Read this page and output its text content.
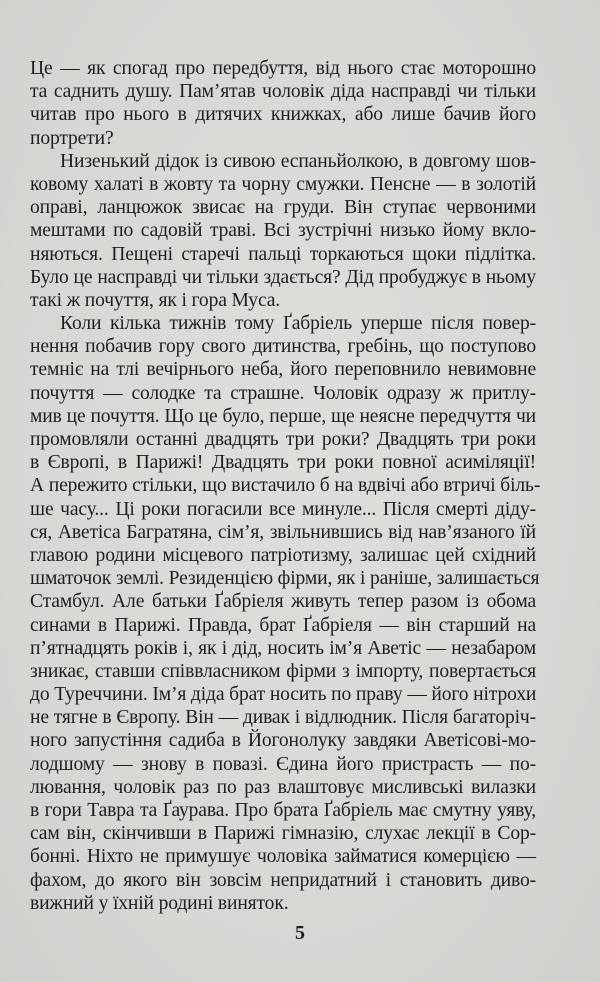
Це — як спогад про передбуття, від нього стає моторошно
та саднить душу. Пам’ятав чоловік діда насправді чи тільки
читав про нього в дитячих книжках, або лише бачив його
портрети?
Низенький дідок із сивою еспаньйолкою, в довгому шов-
ковому халаті в жовту та чорну смужки. Пенсне — в золотій
оправі, ланцюжок звисає на груди. Він ступає червоними
мештами по садовій траві. Всі зустрічні низько йому вкло-
няються. Пещені старечі пальці торкаються щоки підлітка.
Було це насправді чи тільки здається? Дід пробуджує в ньому
такі ж почуття, як і гора Муса.
Коли кілька тижнів тому Ґабріель уперше після повер-
нення побачив гору свого дитинства, гребінь, що поступово
темніє на тлі вечірнього неба, його переповнило невимовне
почуття — солодке та страшне. Чоловік одразу ж притлу-
мив це почуття. Що це було, перше, ще неясне передчуття чи
промовляли останні двадцять три роки? Двадцять три роки
в Європі, в Парижі! Двадцять три роки повної асиміляції!
А пережито стільки, що вистачило б на вдвічі або втричі біль-
ше часу... Ці роки погасили все минуле... Після смерті діду-
ся, Аветіса Багратяна, сім’я, звільнившись від нав’язаного їй
главою родини місцевого патріотизму, залишає цей східний
шматочок землі. Резиденцією фірми, як і раніше, залишається
Стамбул. Але батьки Ґабріеля живуть тепер разом із обома
синами в Парижі. Правда, брат Ґабріеля — він старший на
п’ятнадцять років і, як і дід, носить ім’я Аветіс — незабаром
зникає, ставши співвласником фірми з імпорту, повертається
до Туреччини. Ім’я діда брат носить по праву — його нітрохи
не тягне в Європу. Він — дивак і відлюдник. Після багаторіч-
ного запустіння садиба в Йогонолуку завдяки Аветісові-мо-
лодшому — знову в повазі. Єдина його пристрасть — по-
лювання, чоловік раз по раз влаштовує мисливські вилазки
в гори Тавра та Ґаурава. Про брата Ґабріель має смутну уяву,
сам він, скінчивши в Парижі гімназію, слухає лекції в Сор-
бонні. Ніхто не примушує чоловіка займатися комерцією —
фахом, до якого він зовсім непридатний і становить диво-
вижний у їхній родині виняток.
5
